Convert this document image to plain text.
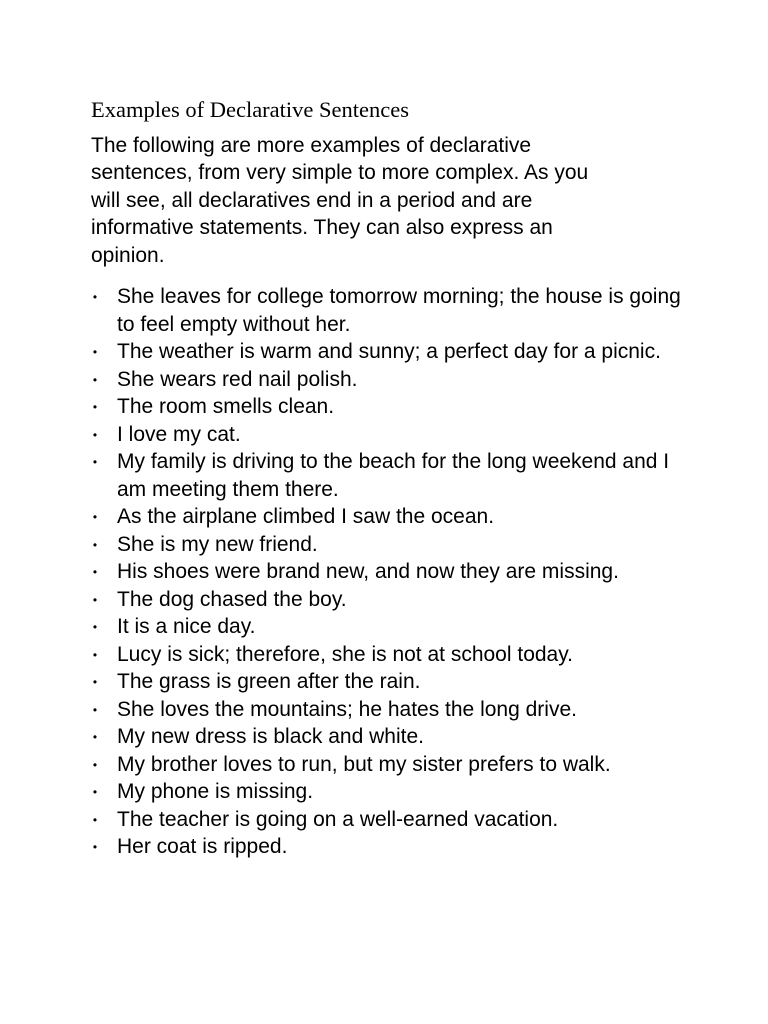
Examples of Declarative Sentences

The following are more examples of declarative sentences, from very simple to more complex. As you will see, all declaratives end in a period and are informative statements. They can also express an opinion.

• She leaves for college tomorrow morning; the house is going to feel empty without her.
• The weather is warm and sunny; a perfect day for a picnic.
• She wears red nail polish.
• The room smells clean.
• I love my cat.
• My family is driving to the beach for the long weekend and I am meeting them there.
• As the airplane climbed I saw the ocean.
• She is my new friend.
• His shoes were brand new, and now they are missing.
• The dog chased the boy.
• It is a nice day.
• Lucy is sick; therefore, she is not at school today.
• The grass is green after the rain.
• She loves the mountains; he hates the long drive.
• My new dress is black and white.
• My brother loves to run, but my sister prefers to walk.
• My phone is missing.
• The teacher is going on a well-earned vacation.
• Her coat is ripped.
